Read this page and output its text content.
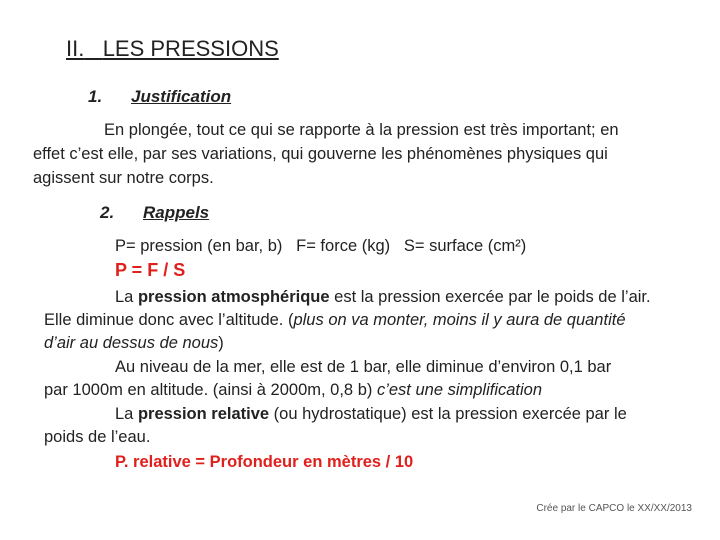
II. LES PRESSIONS
1. Justification
En plongée, tout ce qui se rapporte à la pression est très important; en
effet c’est elle, par ses variations, qui gouverne les phénomènes physiques qui
agissent sur notre corps.
2. Rappels
P= pression (en bar, b)   F= force (kg)   S= surface (cm²)
P = F / S
La pression atmosphérique est la pression exercée par le poids de l’air.
Elle diminue donc avec l’altitude. (plus on va monter, moins il y aura de quantité
d’air au dessus de nous)
Au niveau de la mer, elle est de 1 bar, elle diminue d’environ 0,1 bar
par 1000m en altitude. (ainsi à 2000m, 0,8 b) c’est une simplification
La pression relative (ou hydrostatique) est la pression exercée par le
poids de l’eau.
P. relative = Profondeur en mètres / 10
Crée par le CAPCO le XX/XX/2013
